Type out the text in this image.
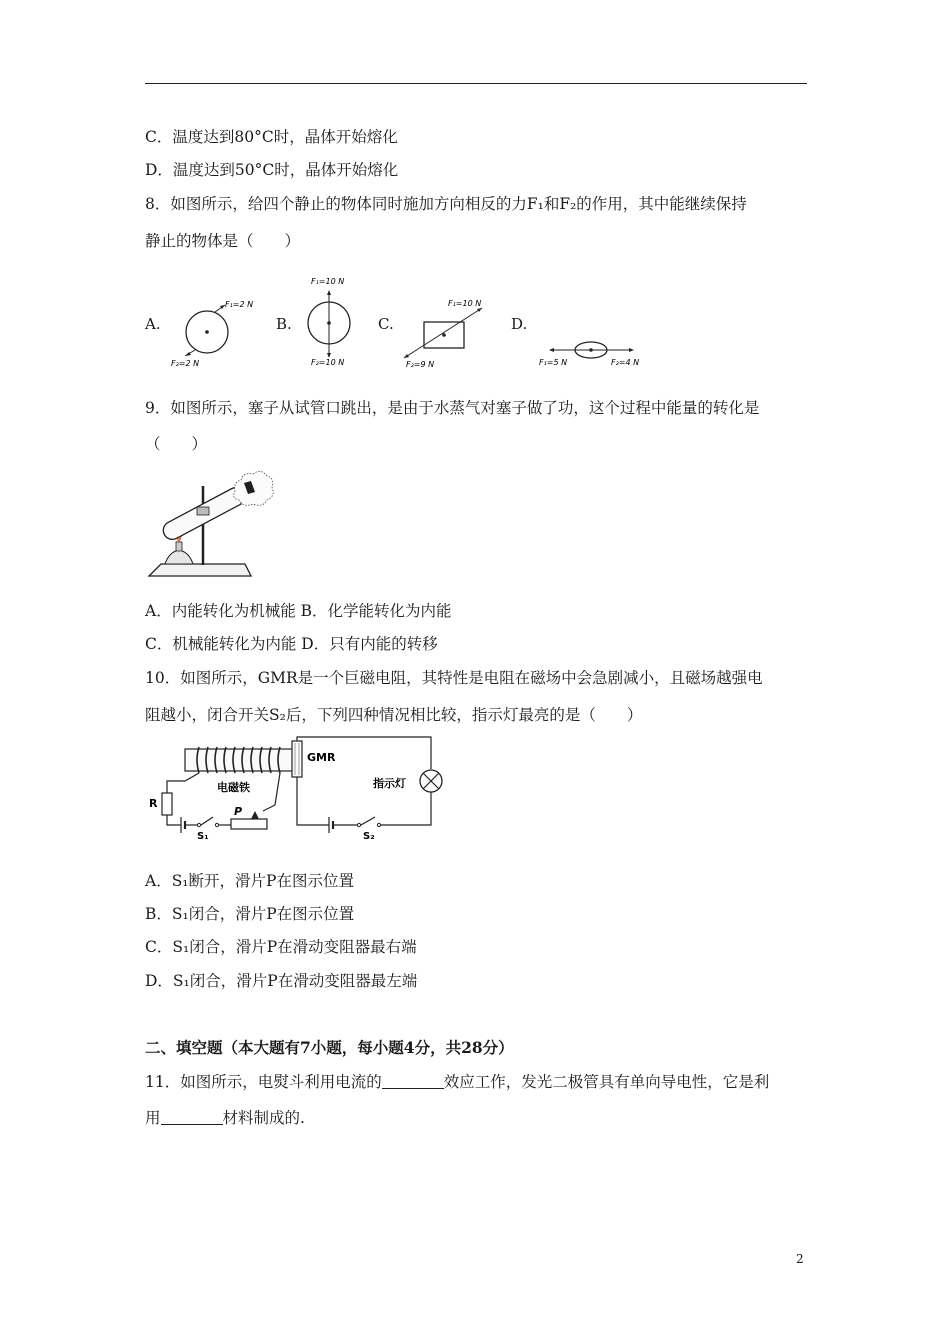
C．温度达到80°C时，晶体开始熔化
D．温度达到50°C时，晶体开始熔化
8．如图所示，给四个静止的物体同时施加方向相反的力F₁和F₂的作用，其中能继续保持
静止的物体是（　　）
A.	B.	C.	D.
F₁=2 N
F₂=2 N
F₁=10 N
F₂=10 N
F₁=10 N
F₂=9 N	F₁=5 N	F₂=4 N
9．如图所示，塞子从试管口跳出，是由于水蒸气对塞子做了功，这个过程中能量的转化是
（　　）
A．内能转化为机械能 B．化学能转化为内能
C．机械能转化为内能 D．只有内能的转移
10．如图所示，GMR是一个巨磁电阻，其特性是电阻在磁场中会急剧减小，且磁场越强电
阻越小，闭合开关S₂后，下列四种情况相比较，指示灯最亮的是（　　）
电磁铁
R
S₁
P
GMR
指示灯
S₂
A．S₁断开，滑片P在图示位置
B．S₁闭合，滑片P在图示位置
C．S₁闭合，滑片P在滑动变阻器最右端
D．S₁闭合，滑片P在滑动变阻器最左端
二、填空题（本大题有7小题，每小题4分，共28分）
11．如图所示，电熨斗利用电流的	效应工作，发光二极管具有单向导电性，它是利
用	材料制成的.
2
